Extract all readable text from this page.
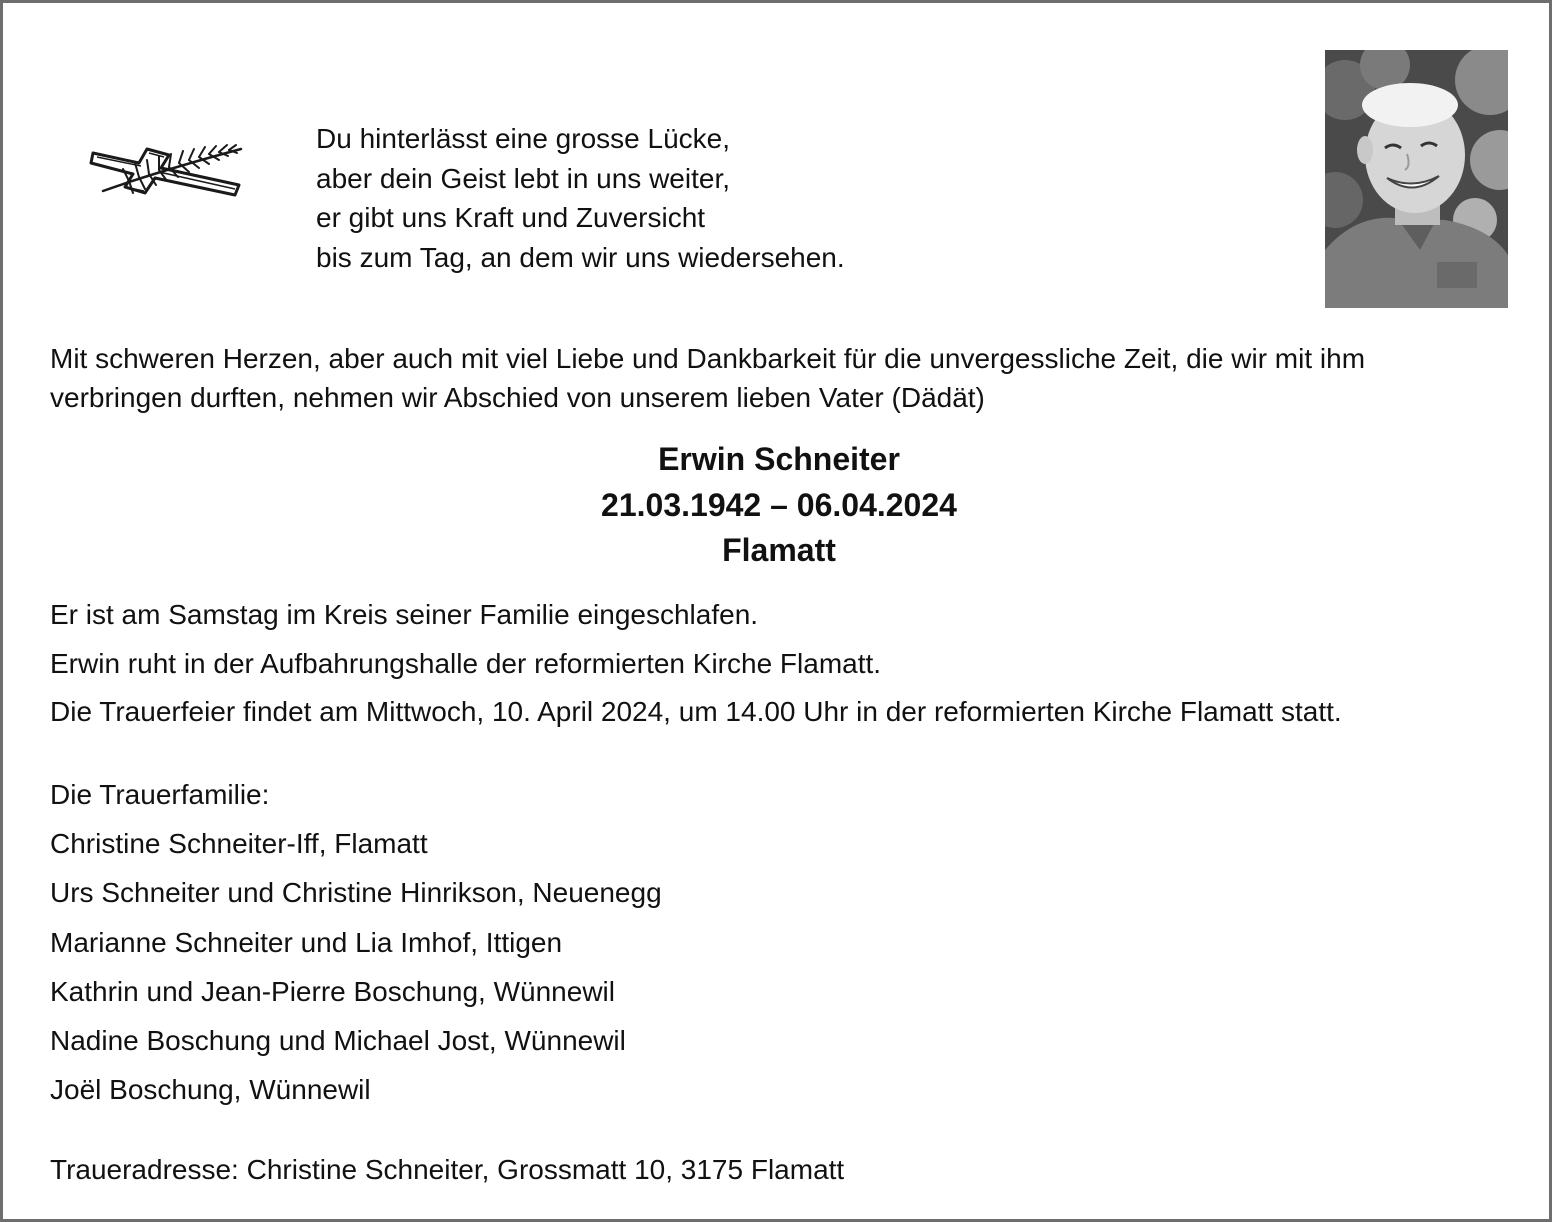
Du hinterlässt eine grosse Lücke,
aber dein Geist lebt in uns weiter,
er gibt uns Kraft und Zuversicht
bis zum Tag, an dem wir uns wiedersehen.
Mit schweren Herzen, aber auch mit viel Liebe und Dankbarkeit für die unvergessliche Zeit, die wir mit ihm
verbringen durften, nehmen wir Abschied von unserem lieben Vater (Dädät)
Erwin Schneiter
21.03.1942 – 06.04.2024
Flamatt
Er ist am Samstag im Kreis seiner Familie eingeschlafen.
Erwin ruht in der Aufbahrungshalle der reformierten Kirche Flamatt.
Die Trauerfeier findet am Mittwoch, 10. April 2024, um 14.00 Uhr in der reformierten Kirche Flamatt statt.
Die Trauerfamilie:
Christine Schneiter-Iff, Flamatt
Urs Schneiter und Christine Hinrikson, Neuenegg
Marianne Schneiter und Lia Imhof, Ittigen
Kathrin und Jean-Pierre Boschung, Wünnewil
Nadine Boschung und Michael Jost, Wünnewil
Joël Boschung, Wünnewil
Traueradresse: Christine Schneiter, Grossmatt 10, 3175 Flamatt
